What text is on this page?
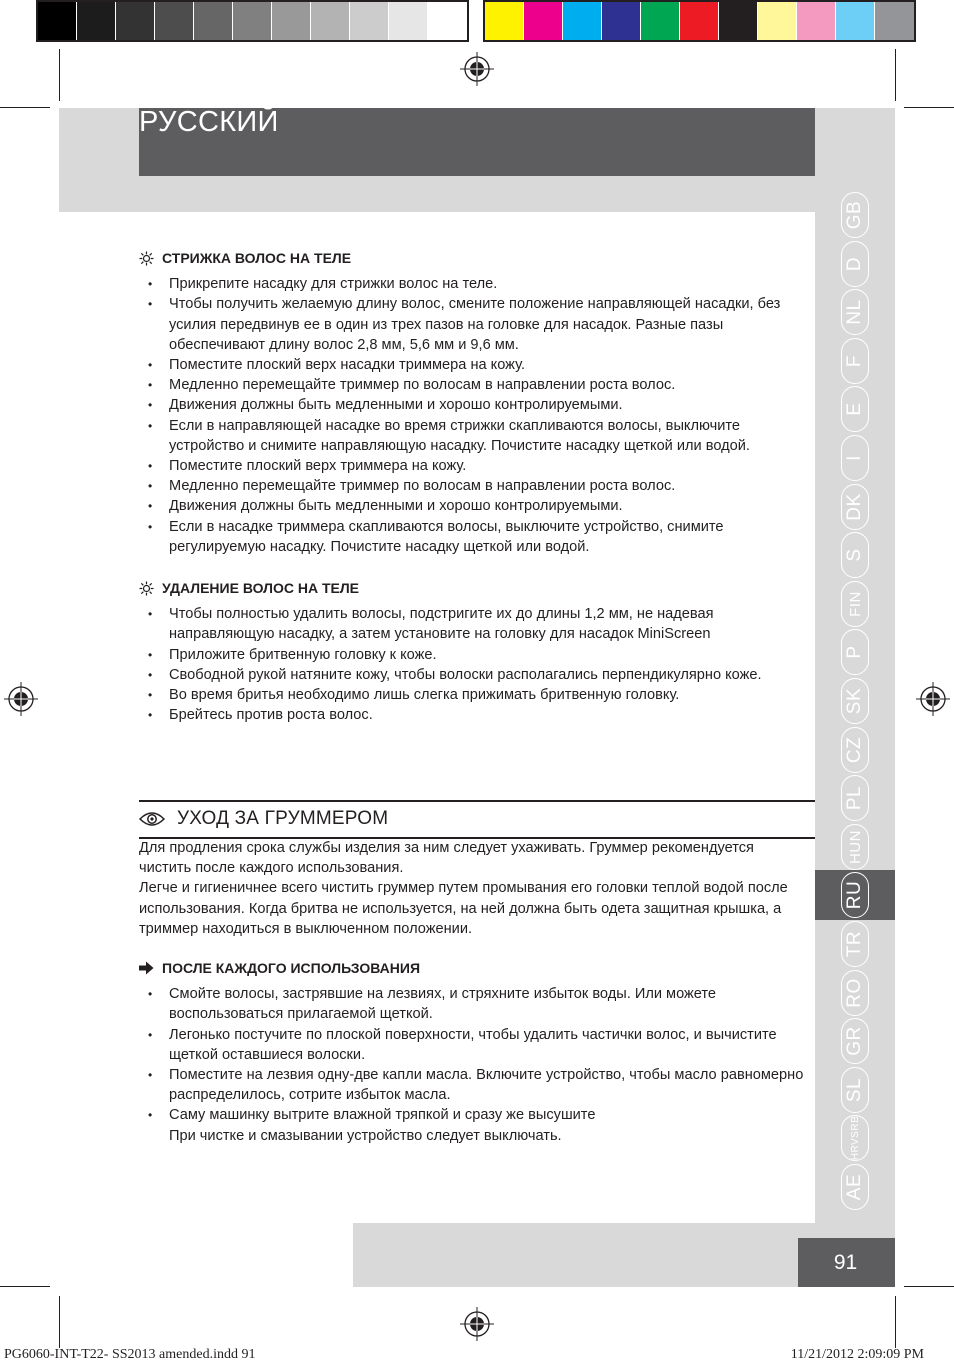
РУССКИЙ
GB
D
NL
F
E
I
DK
S
FIN
P
SK
CZ
PL
HUN
RU
TR
RO
GR
SL
HRV
SRB
AE
91
СТРИЖКА ВОЛОС НА ТЕЛЕ
• Прикрепите насадку для стрижки волос на теле.
• Чтобы получить желаемую длину волос, смените положение направляющей насадки, без усилия передвинув ее в один из трех пазов на головке для насадок. Разные пазы обеспечивают длину волос 2,8 мм, 5,6 мм и 9,6 мм.
• Поместите плоский верх насадки триммера на кожу.
• Медленно перемещайте триммер по волосам в направлении роста волос.
• Движения должны быть медленными и хорошо контролируемыми.
• Если в направляющей насадке во время стрижки скапливаются волосы, выключите устройство и снимите направляющую насадку. Почистите насадку щеткой или водой.
• Поместите плоский верх триммера на кожу.
• Медленно перемещайте триммер по волосам в направлении роста волос.
• Движения должны быть медленными и хорошо контролируемыми.
• Если в насадке триммера скапливаются волосы, выключите устройство, снимите регулируемую насадку. Почистите насадку щеткой или водой.
УДАЛЕНИЕ ВОЛОС НА ТЕЛЕ
• Чтобы полностью удалить волосы, подстригите их до длины 1,2 мм, не надевая направляющую насадку, а затем установите на головку для насадок MiniScreen
• Приложите бритвенную головку к коже.
• Свободной рукой натяните кожу, чтобы волоски располагались перпендикулярно коже.
• Во время бритья необходимо лишь слегка прижимать бритвенную головку.
• Брейтесь против роста волос.
УХОД ЗА ГРУММЕРОМ
Для продления срока службы изделия за ним следует ухаживать. Груммер рекомендуется чистить после каждого использования.
Легче и гигиеничнее всего чистить груммер путем промывания его головки теплой водой после использования. Когда бритва не используется, на ней должна быть одета защитная крышка, а триммер находиться в выключенном положении.
ПОСЛЕ КАЖДОГО ИСПОЛЬЗОВАНИЯ
• Смойте волосы, застрявшие на лезвиях, и стряхните избыток воды. Или можете воспользоваться прилагаемой щеткой.
• Легонько постучите по плоской поверхности, чтобы удалить частички волос, и вычистите щеткой оставшиеся волоски.
• Поместите на лезвия одну-две капли масла. Включите устройство, чтобы масло равномерно распределилось, сотрите избыток масла.
• Саму машинку вытрите влажной тряпкой и сразу же высушите
При чистке и смазывании устройство следует выключать.
PG6060-INT-T22- SS2013 amended.indd 91	11/21/2012 2:09:09 PM
